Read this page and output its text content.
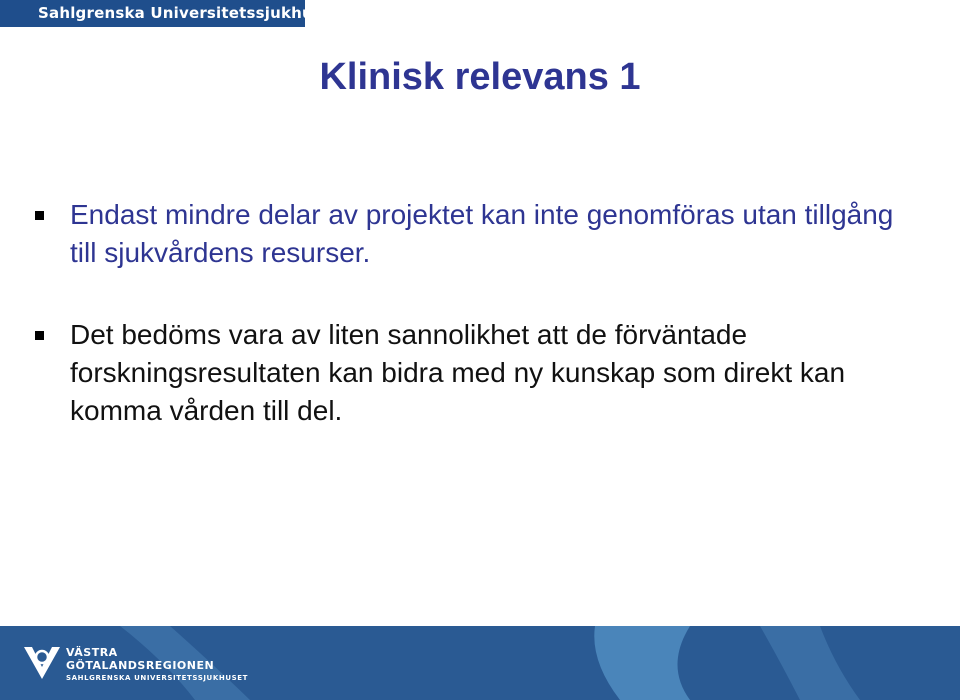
Sahlgrenska Universitetssjukhuset
Klinisk relevans 1
Endast mindre delar av projektet kan inte genomföras utan tillgång till sjukvårdens resurser.
Det bedöms vara av liten sannolikhet att de förväntade forskningsresultaten kan bidra med ny kunskap som direkt kan komma vården till del.
VÄSTRA
GÖTALANDSREGIONEN
SAHLGRENSKA UNIVERSITETSSJUKHUSET
